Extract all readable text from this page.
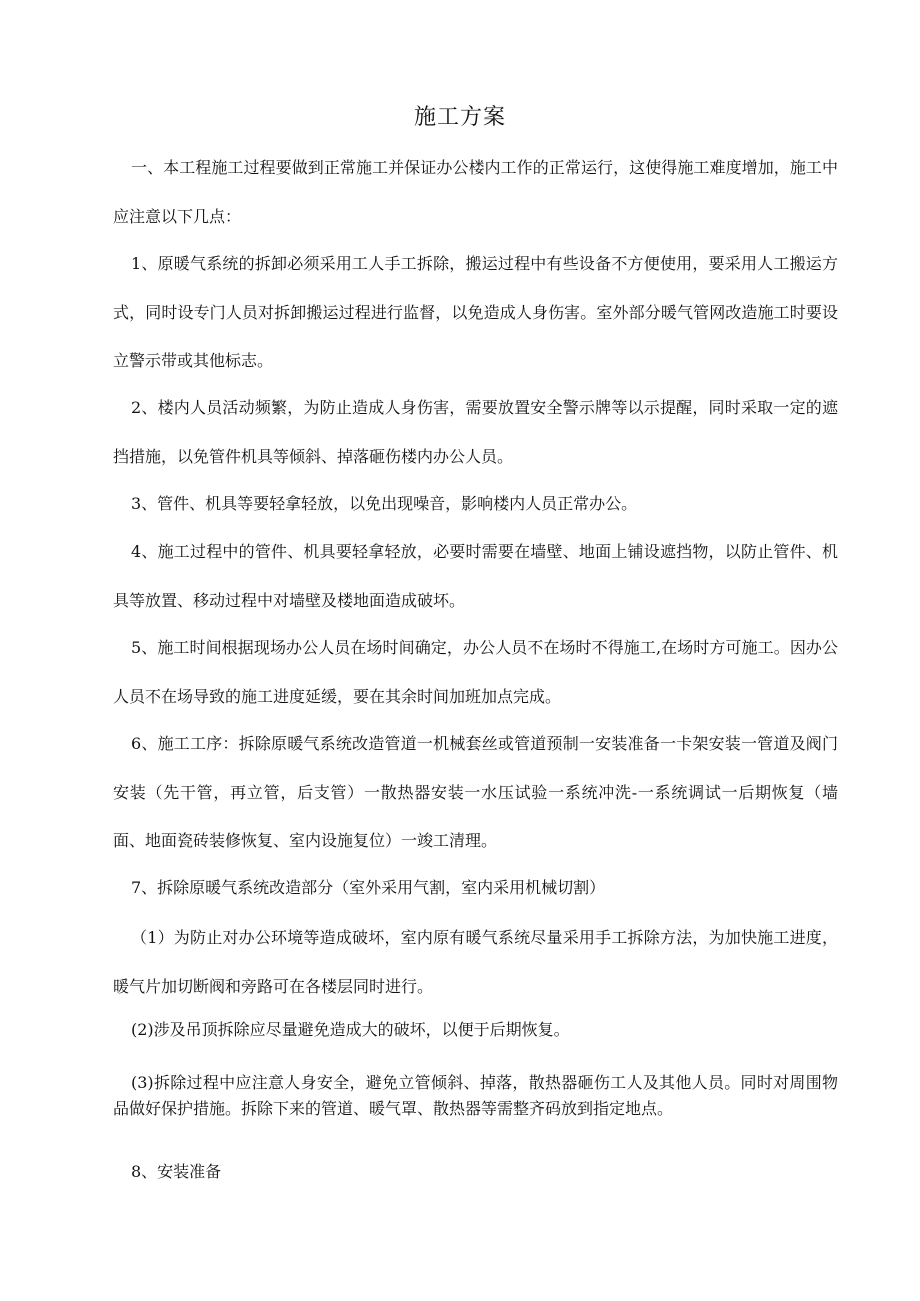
施工方案

一、本工程施工过程要做到正常施工并保证办公楼内工作的正常运行，这使得施工难度增加，施工中应注意以下几点：

1、原暖气系统的拆卸必须采用工人手工拆除，搬运过程中有些设备不方便使用，要采用人工搬运方式，同时设专门人员对拆卸搬运过程进行监督，以免造成人身伤害。室外部分暖气管网改造施工时要设立警示带或其他标志。

2、楼内人员活动频繁，为防止造成人身伤害，需要放置安全警示牌等以示提醒，同时采取一定的遮挡措施，以免管件机具等倾斜、掉落砸伤楼内办公人员。

3、管件、机具等要轻拿轻放，以免出现噪音，影响楼内人员正常办公。

4、施工过程中的管件、机具要轻拿轻放，必要时需要在墙壁、地面上铺设遮挡物，以防止管件、机具等放置、移动过程中对墙壁及楼地面造成破坏。

5、施工时间根据现场办公人员在场时间确定，办公人员不在场时不得施工,在场时方可施工。因办公人员不在场导致的施工进度延缓，要在其余时间加班加点完成。

6、施工工序：拆除原暖气系统改造管道一机械套丝或管道预制一安装准备一卡架安装一管道及阀门安装（先干管，再立管，后支管）一散热器安装一水压试验一系统冲洗-一系统调试一后期恢复（墙面、地面瓷砖装修恢复、室内设施复位）一竣工清理。

7、拆除原暖气系统改造部分（室外采用气割，室内采用机械切割）

（1）为防止对办公环境等造成破坏，室内原有暖气系统尽量采用手工拆除方法，为加快施工进度，暖气片加切断阀和旁路可在各楼层同时进行。

(2)涉及吊顶拆除应尽量避免造成大的破坏，以便于后期恢复。

(3)拆除过程中应注意人身安全，避免立管倾斜、掉落，散热器砸伤工人及其他人员。同时对周围物品做好保护措施。拆除下来的管道、暖气罩、散热器等需整齐码放到指定地点。

8、安装准备
